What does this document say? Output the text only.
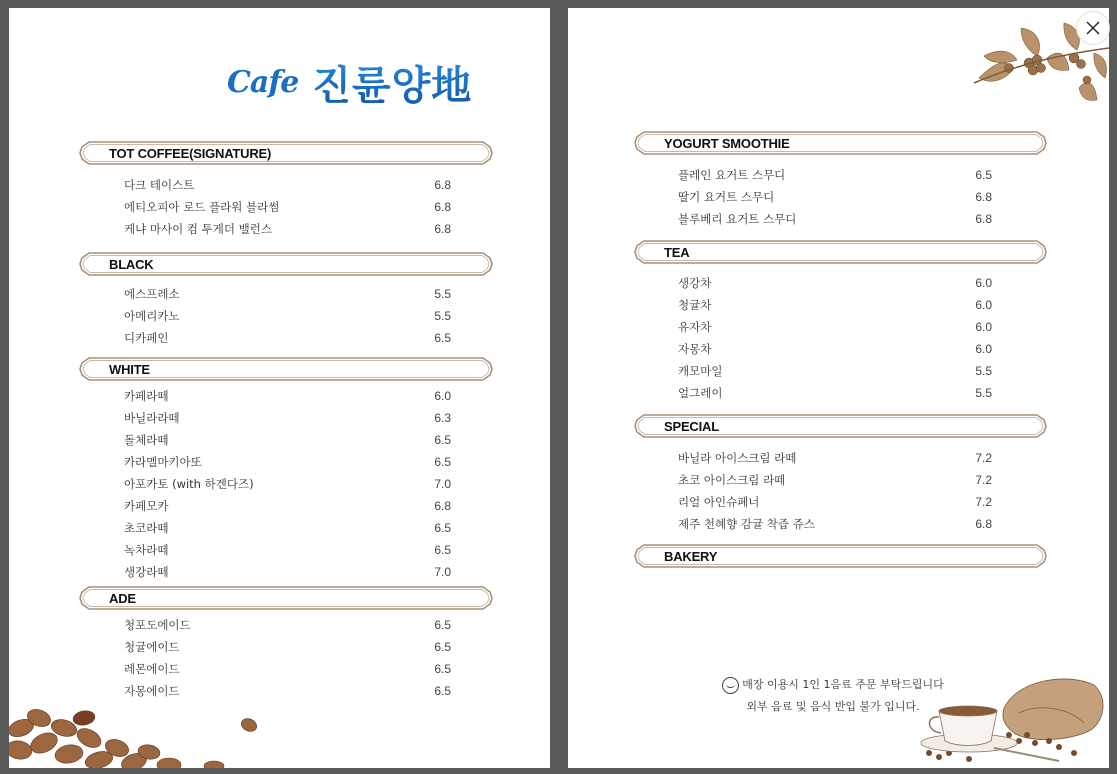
Cafe 진륜양地
TOT COFFEE(SIGNATURE)
다크 테이스트	6.8
에티오피아 로드 플라워 블라썸	6.8
케냐 마사이 컴 투게더 밸런스	6.8
BLACK
에스프레소	5.5
아메리카노	5.5
디카페인	6.5
WHITE
카페라떼	6.0
바닐라라떼	6.3
돌체라떼	6.5
카라멜마키아또	6.5
아포카토 (with 하겐다즈)	7.0
카페모카	6.8
초코라떼	6.5
녹차라떼	6.5
생강라떼	7.0
ADE
청포도에이드	6.5
청귤에이드	6.5
레몬에이드	6.5
자몽에이드	6.5
YOGURT SMOOTHIE
플레인 요거트 스무디	6.5
딸기 요거트 스무디	6.8
블루베리 요거트 스무디	6.8
TEA
생강차	6.0
청귤차	6.0
유자차	6.0
자몽차	6.0
캐모마일	5.5
얼그레이	5.5
SPECIAL
바닐라 아이스크림 라떼	7.2
초코 아이스크림 라떼	7.2
리얼 아인슈페너	7.2
제주 천혜향 감귤 착즙 쥬스	6.8
BAKERY
매장 이용시 1인 1음료 주문 부탁드립니다
외부 음료 및 음식 반입 불가 입니다.
